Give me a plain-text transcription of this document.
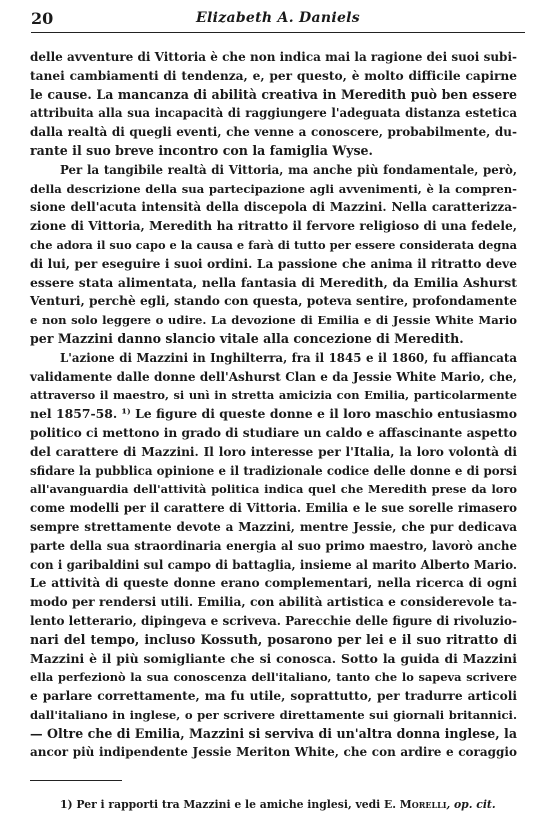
20	Elizabeth A. Daniels
delle avventure di Vittoria è che non indica mai la ragione dei suoi subi-
tanei cambiamenti di tendenza, e, per questo, è molto difficile capirne
le cause. La mancanza di abilità creativa in Meredith può ben essere
attribuita alla sua incapacità di raggiungere l'adeguata distanza estetica
dalla realtà di quegli eventi, che venne a conoscere, probabilmente, du-
rante il suo breve incontro con la famiglia Wyse.
Per la tangibile realtà di Vittoria, ma anche più fondamentale, però,
della descrizione della sua partecipazione agli avvenimenti, è la compren-
sione dell'acuta intensità della discepola di Mazzini. Nella caratterizza-
zione di Vittoria, Meredith ha ritratto il fervore religioso di una fedele,
che adora il suo capo e la causa e farà di tutto per essere considerata degna
di lui, per eseguire i suoi ordini. La passione che anima il ritratto deve
essere stata alimentata, nella fantasia di Meredith, da Emilia Ashurst
Venturi, perchè egli, stando con questa, poteva sentire, profondamente
e non solo leggere o udire. La devozione di Emilia e di Jessie White Mario
per Mazzini danno slancio vitale alla concezione di Meredith.
L'azione di Mazzini in Inghilterra, fra il 1845 e il 1860, fu affiancata
validamente dalle donne dell'Ashurst Clan e da Jessie White Mario, che,
attraverso il maestro, si unì in stretta amicizia con Emilia, particolarmente
nel 1857-58. ¹⁾ Le figure di queste donne e il loro maschio entusiasmo
politico ci mettono in grado di studiare un caldo e affascinante aspetto
del carattere di Mazzini. Il loro interesse per l'Italia, la loro volontà di
sfidare la pubblica opinione e il tradizionale codice delle donne e di porsi
all'avanguardia dell'attività politica indica quel che Meredith prese da loro
come modelli per il carattere di Vittoria. Emilia e le sue sorelle rimasero
sempre strettamente devote a Mazzini, mentre Jessie, che pur dedicava
parte della sua straordinaria energia al suo primo maestro, lavorò anche
con i garibaldini sul campo di battaglia, insieme al marito Alberto Mario.
Le attività di queste donne erano complementari, nella ricerca di ogni
modo per rendersi utili. Emilia, con abilità artistica e considerevole ta-
lento letterario, dipingeva e scriveva. Parecchie delle figure di rivoluzio-
nari del tempo, incluso Kossuth, posarono per lei e il suo ritratto di
Mazzini è il più somigliante che si conosca. Sotto la guida di Mazzini
ella perfezionò la sua conoscenza dell'italiano, tanto che lo sapeva scrivere
e parlare correttamente, ma fu utile, soprattutto, per tradurre articoli
dall'italiano in inglese, o per scrivere direttamente sui giornali britannici.
— Oltre che di Emilia, Mazzini si serviva di un'altra donna inglese, la
ancor più indipendente Jessie Meriton White, che con ardire e coraggio
1) Per i rapporti tra Mazzini e le amiche inglesi, vedi E. Morelli, op. cit.
